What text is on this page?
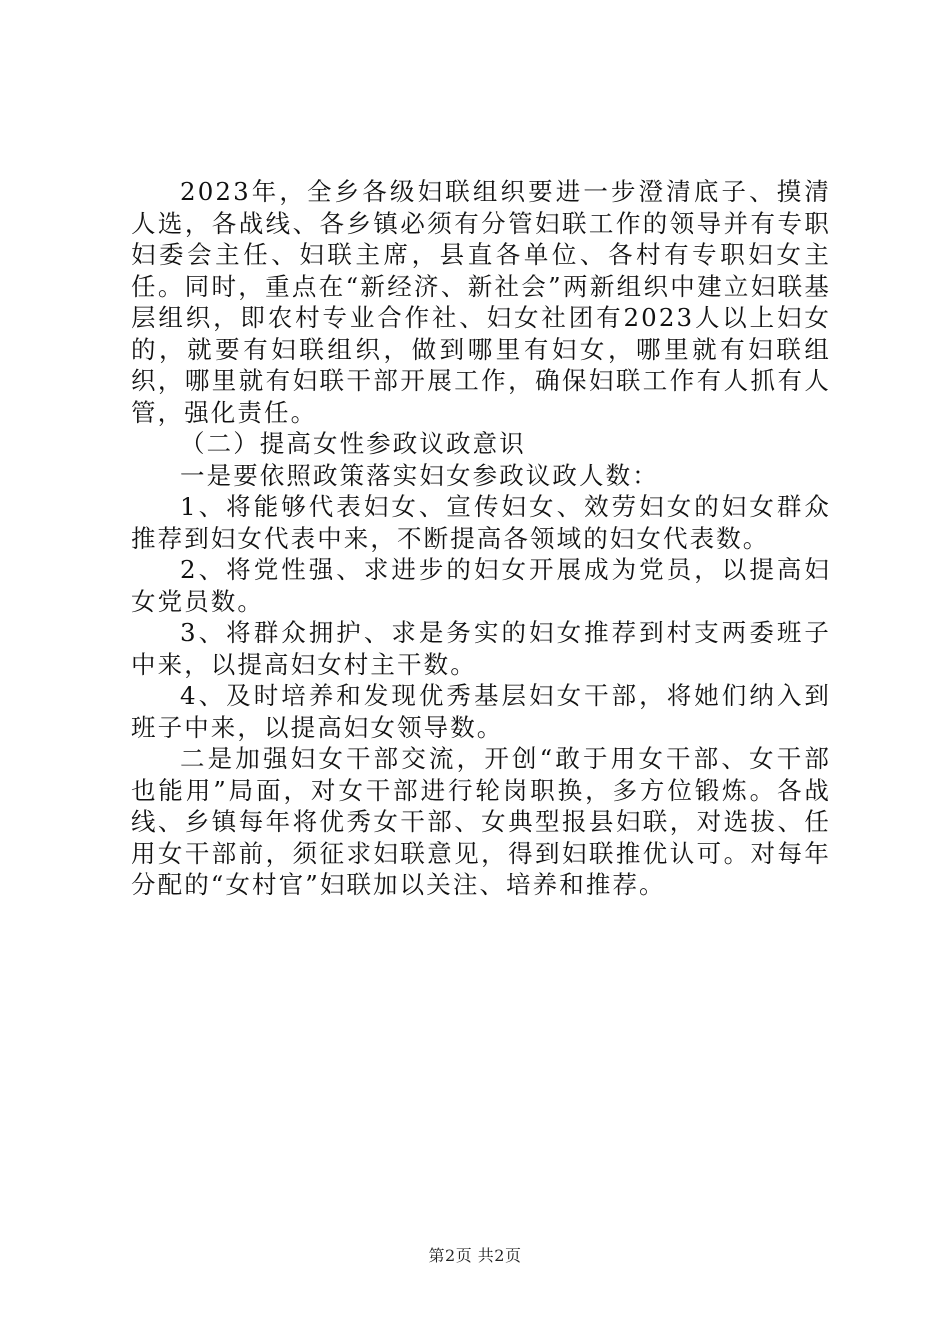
2023年，全乡各级妇联组织要进一步澄清底子、摸清人选，各战线、各乡镇必须有分管妇联工作的领导并有专职妇委会主任、妇联主席，县直各单位、各村有专职妇女主任。同时，重点在“新经济、新社会”两新组织中建立妇联基层组织，即农村专业合作社、妇女社团有2023人以上妇女的，就要有妇联组织，做到哪里有妇女，哪里就有妇联组织，哪里就有妇联干部开展工作，确保妇联工作有人抓有人管，强化责任。

（二）提高女性参政议政意识

一是要依照政策落实妇女参政议政人数：

1、将能够代表妇女、宣传妇女、效劳妇女的妇女群众推荐到妇女代表中来，不断提高各领域的妇女代表数。

2、将党性强、求进步的妇女开展成为党员，以提高妇女党员数。

3、将群众拥护、求是务实的妇女推荐到村支两委班子中来，以提高妇女村主干数。

4、及时培养和发现优秀基层妇女干部，将她们纳入到班子中来，以提高妇女领导数。

二是加强妇女干部交流，开创“敢于用女干部、女干部也能用”局面，对女干部进行轮岗职换，多方位锻炼。各战线、乡镇每年将优秀女干部、女典型报县妇联，对选拔、任用女干部前，须征求妇联意见，得到妇联推优认可。对每年分配的“女村官”妇联加以关注、培养和推荐。

第2页 共2页
